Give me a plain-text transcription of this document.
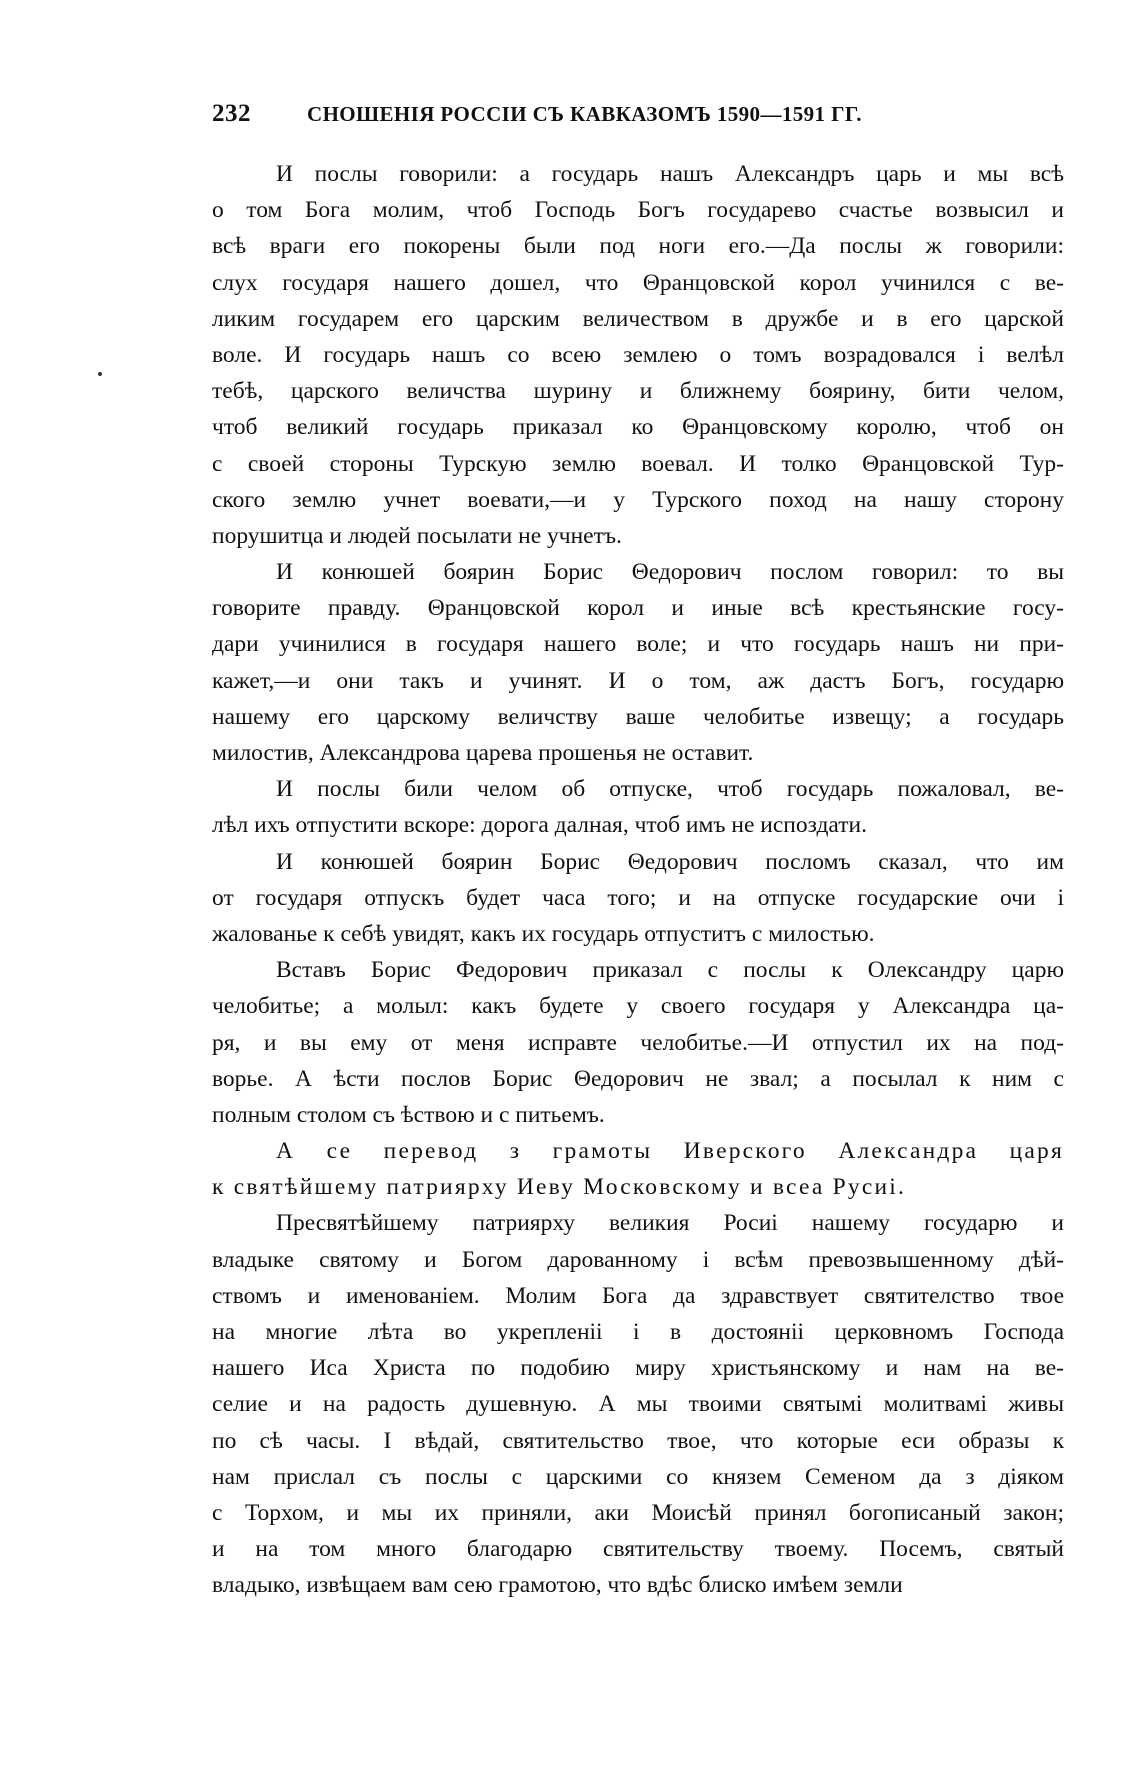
232	СНОШЕНІЯ РОССІИ СЪ КАВКАЗОМЪ 1590—1591 ГГ.
И послы говорили: а государь нашъ Александръ царь и мы всѣ
о том Бога молим, чтоб Господь Богъ государево счастье возвысил и
всѣ враги его покорены были под ноги его.—Да послы ж говорили:
слух государя нашего дошел, что Θранцовской корол учинился с ве-
ликим государем его царским величеством в дружбе и в его царской
воле. И государь нашъ со всею землею о томъ возрадовался і велѣл
тебѣ, царского величства шурину и ближнему боярину, бити челом,
чтоб великий государь приказал ко Θранцовскому королю, чтоб он
с своей стороны Турскую землю воевал. И толко Θранцовской Тур-
ского землю учнет воевати,—и у Турского поход на нашу сторону
порушитца и людей посылати не учнетъ.
И конюшей боярин Борис Θедорович послом говорил: то вы
говорите правду. Θранцовской корол и иные всѣ крестьянские госу-
дари учинилися в государя нашего воле; и что государь нашъ ни при-
кажет,—и они такъ и учинят. И о том, аж дастъ Богъ, государю
нашему его царскому величству ваше челобитье извещу; а государь
милостив, Александрова царева прошенья не оставит.
И послы били челом об отпуске, чтоб государь пожаловал, ве-
лѣл ихъ отпустити вскоре: дорога далная, чтоб имъ не испоздати.
И конюшей боярин Борис Θедорович посломъ сказал, что им
от государя отпускъ будет часа того; и на отпуске государские очи і
жалованье к себѣ увидят, какъ их государь отпуститъ с милостью.
Вставъ Борис Федорович приказал с послы к Олександру царю
челобитье; а молыл: какъ будете у своего государя у Александра ца-
ря, и вы ему от меня исправте челобитье.—И отпустил их на под-
ворье. А ѣсти послов Борис Θедорович не звал; а посылал к ним с
полным столом съ ѣствою и с питьемъ.
А се перевод з грамоты Иверского Александра царя
к святѣйшему патриярху Иеву Московскому и всеа Русиі.
Пресвятѣйшему патриярху великия Росиі нашему государю и
владыке святому и Богом дарованному і всѣм превозвышенному дѣй-
ствомъ и именованіем. Молим Бога да здравствует святителство твое
на многие лѣта во укрепленіі і в достояніі церковномъ Господа
нашего Иса Христа по подобию миру христьянскому и нам на ве-
селие и на радость душевную. А мы твоими святымі молитвамі живы
по сѣ часы. І вѣдай, святительство твое, что которые еси образы к
нам прислал съ послы с царскими со князем Семеном да з діяком
с Торхом, и мы их приняли, аки Моисѣй принял богописаный закон;
и на том много благодарю святительству твоему. Посемъ, святый
владыко, извѣщаем вам сею грамотою, что вдѣс блиско имѣем земли
